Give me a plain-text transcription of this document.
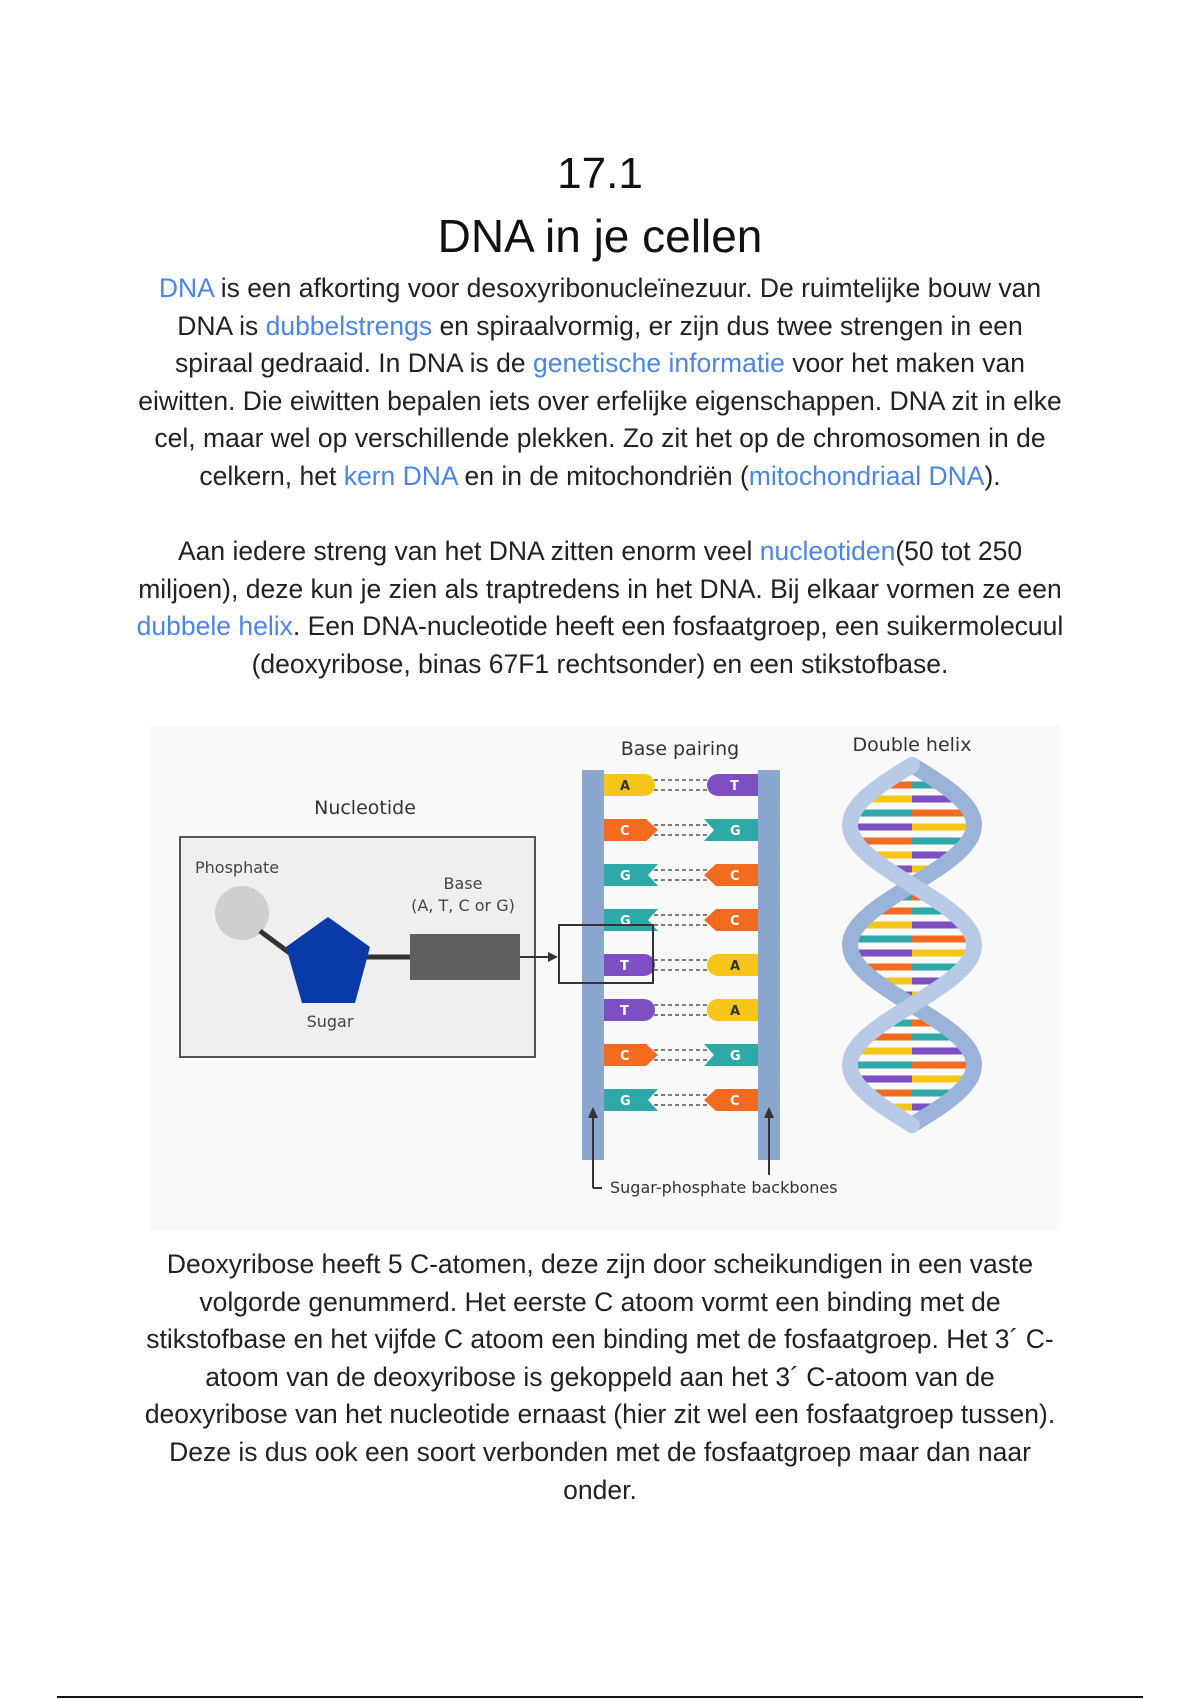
17.1
DNA in je cellen

DNA is een afkorting voor desoxyribonucleïnezuur. De ruimtelijke bouw van DNA is dubbelstrengs en spiraalvormig, er zijn dus twee strengen in een spiraal gedraaid. In DNA is de genetische informatie voor het maken van eiwitten. Die eiwitten bepalen iets over erfelijke eigenschappen. DNA zit in elke cel, maar wel op verschillende plekken. Zo zit het op de chromosomen in de celkern, het kern DNA en in de mitochondriën (mitochondriaal DNA).

Aan iedere streng van het DNA zitten enorm veel nucleotiden(50 tot 250 miljoen), deze kun je zien als traptredens in het DNA. Bij elkaar vormen ze een dubbele helix. Een DNA-nucleotide heeft een fosfaatgroep, een suikermolecuul (deoxyribose, binas 67F1 rechtsonder) en een stikstofbase.

Nucleotide
Phosphate
Sugar
Base
(A, T, C or G)
Base pairing
A	T
C	G
G	C
G	C
T	A
T	A
C	G
G	C
Sugar-phosphate backbones
Double helix

Deoxyribose heeft 5 C-atomen, deze zijn door scheikundigen in een vaste volgorde genummerd. Het eerste C atoom vormt een binding met de stikstofbase en het vijfde C atoom een binding met de fosfaatgroep. Het 3´ C-atoom van de deoxyribose is gekoppeld aan het 3´ C-atoom van de deoxyribose van het nucleotide ernaast (hier zit wel een fosfaatgroep tussen). Deze is dus ook een soort verbonden met de fosfaatgroep maar dan naar onder.
